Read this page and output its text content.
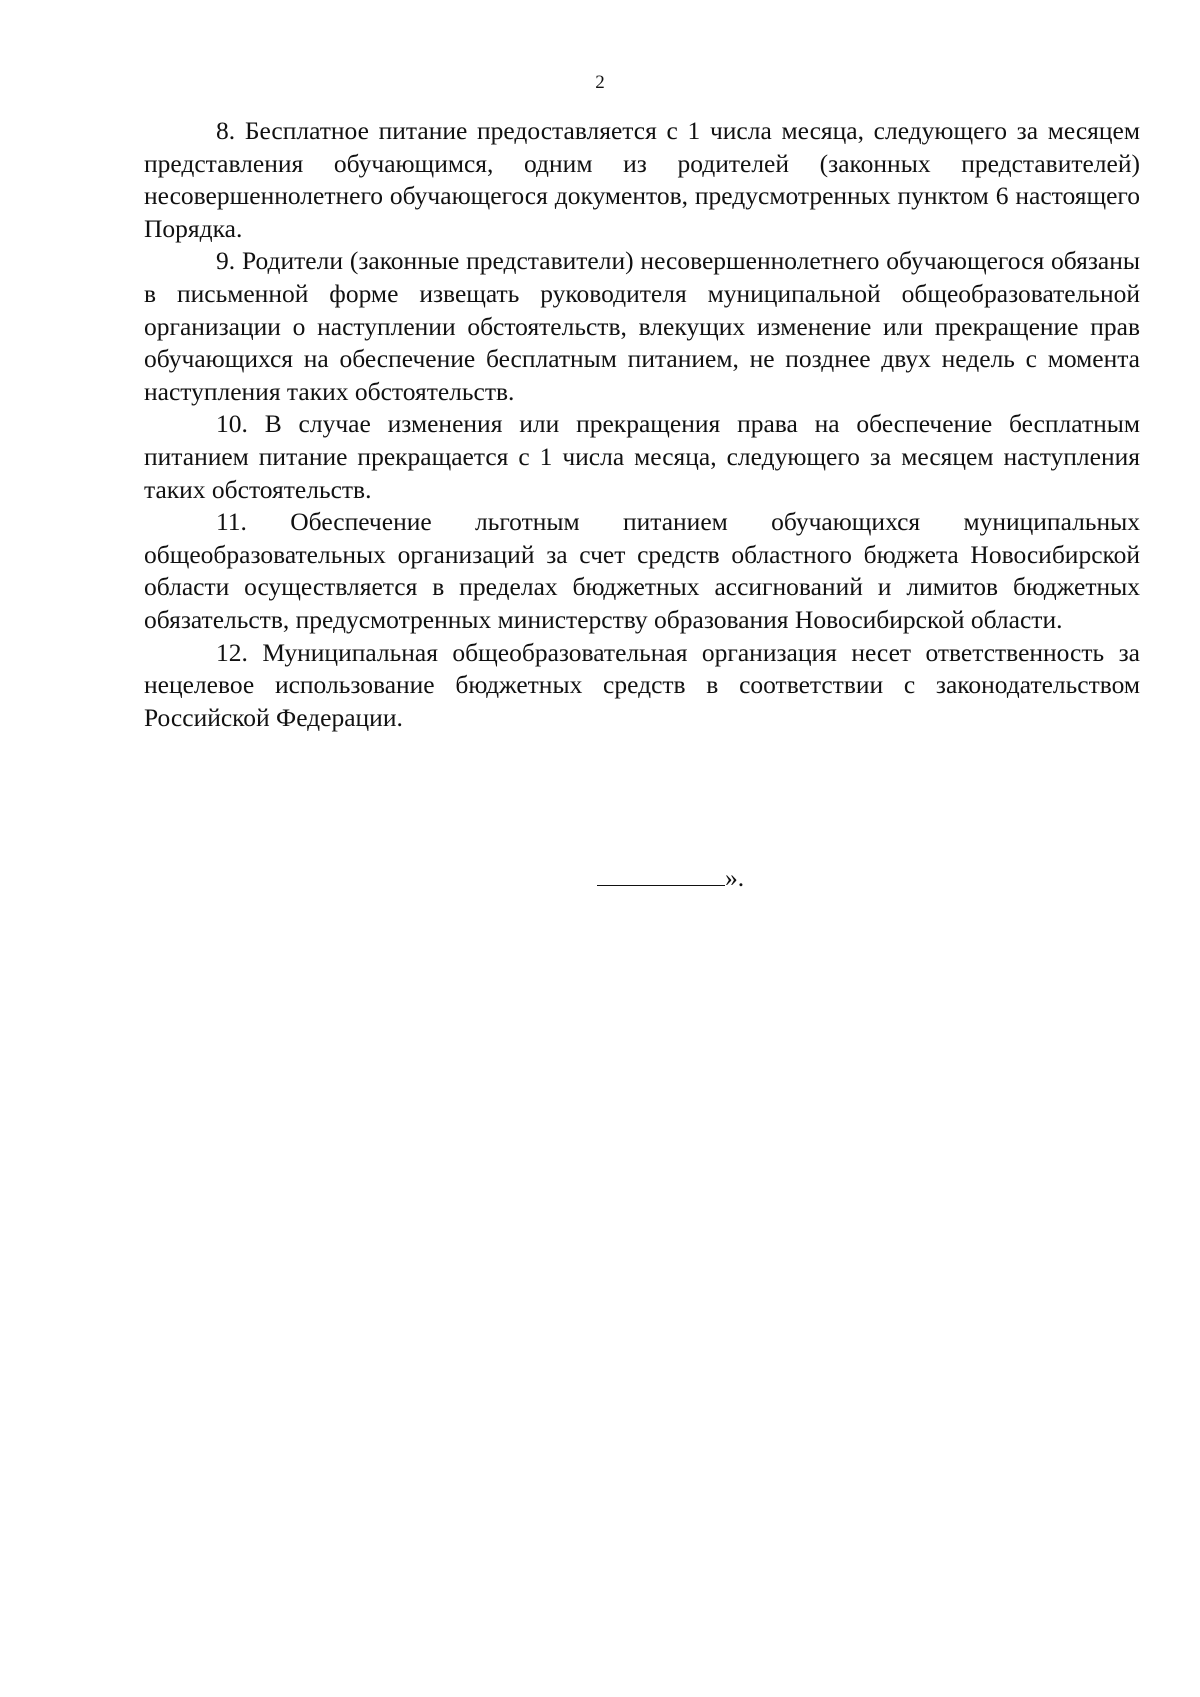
2

8. Бесплатное питание предоставляется с 1 числа месяца, следующего за месяцем представления обучающимся, одним из родителей (законных представителей) несовершеннолетнего обучающегося документов, предусмотренных пунктом 6 настоящего Порядка.

9. Родители (законные представители) несовершеннолетнего обучающегося обязаны в письменной форме извещать руководителя муниципальной общеобразовательной организации о наступлении обстоятельств, влекущих изменение или прекращение прав обучающихся на обеспечение бесплатным питанием, не позднее двух недель с момента наступления таких обстоятельств.

10. В случае изменения или прекращения права на обеспечение бесплатным питанием питание прекращается с 1 числа месяца, следующего за месяцем наступления таких обстоятельств.

11. Обеспечение льготным питанием обучающихся муниципальных общеобразовательных организаций за счет средств областного бюджета Новосибирской области осуществляется в пределах бюджетных ассигнований и лимитов бюджетных обязательств, предусмотренных министерству образования Новосибирской области.

12. Муниципальная общеобразовательная организация несет ответственность за нецелевое использование бюджетных средств в соответствии с законодательством Российской Федерации.

».
